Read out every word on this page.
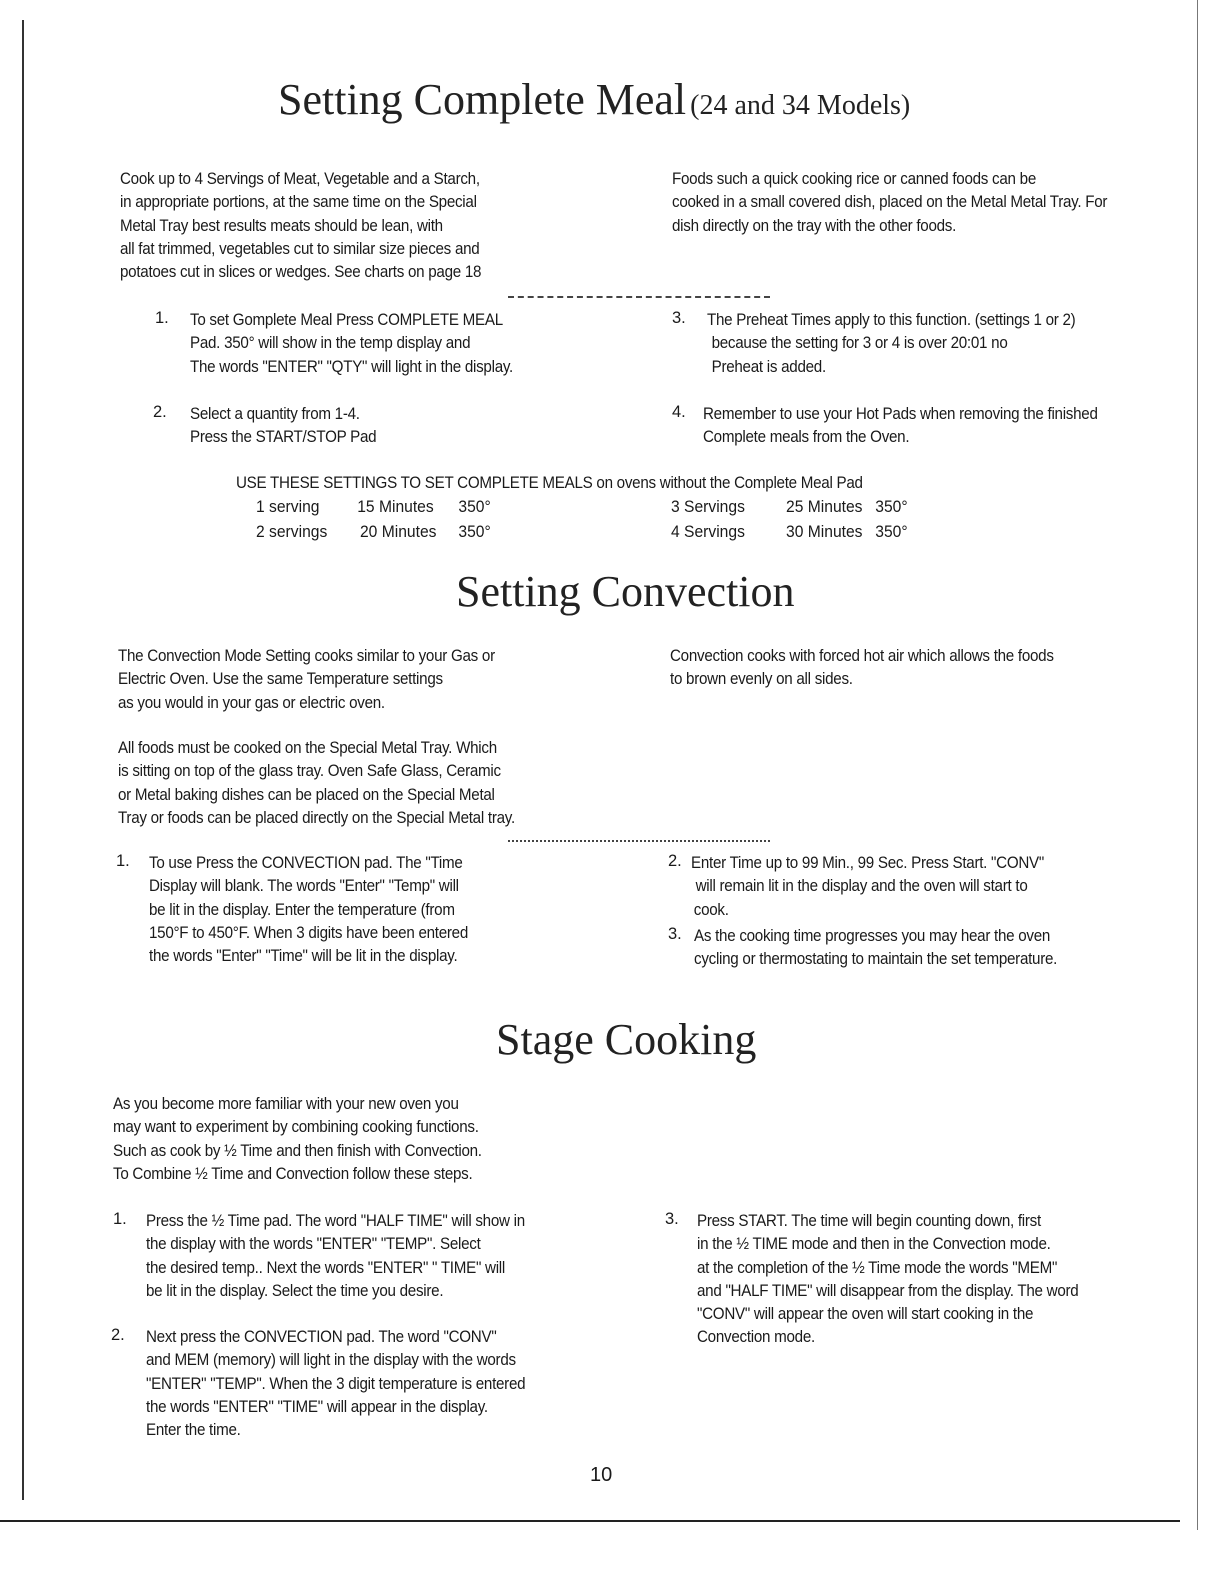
Setting Complete Meal (24 and 34 Models)
Cook up to 4 Servings of Meat, Vegetable and a Starch,
in appropriate portions, at the same time on the Special
Metal Tray best results meats should be lean, with
all fat trimmed, vegetables cut to similar size pieces and
potatoes cut in slices or wedges. See charts on page 18
Foods such a quick cooking rice or canned foods can be
cooked in a small covered dish, placed on the Metal Metal Tray. For
dish directly on the tray with the other foods.
1. To set Gomplete Meal Press COMPLETE MEAL
Pad. 350° will show in the temp display and
The words "ENTER" "QTY" will light in the display.
2. Select a quantity from 1-4.
Press the START/STOP Pad
3. The Preheat Times apply to this function. (settings 1 or 2)
because the setting for 3 or 4 is over 20:01 no
Preheat is added.
4. Remember to use your Hot Pads when removing the finished
Complete meals from the Oven.
USE THESE SETTINGS TO SET COMPLETE MEALS on ovens without the Complete Meal Pad
1 serving 15 Minutes 350°
2 servings 20 Minutes 350°
3 Servings 25 Minutes 350°
4 Servings 30 Minutes 350°
Setting Convection
The Convection Mode Setting cooks similar to your Gas or
Electric Oven. Use the same Temperature settings
as you would in your gas or electric oven.
Convection cooks with forced hot air which allows the foods
to brown evenly on all sides.
All foods must be cooked on the Special Metal Tray. Which
is sitting on top of the glass tray. Oven Safe Glass, Ceramic
or Metal baking dishes can be placed on the Special Metal
Tray or foods can be placed directly on the Special Metal tray.
1. To use Press the CONVECTION pad. The "Time
Display will blank. The words "Enter" "Temp" will
be lit in the display. Enter the temperature (from
150°F to 450°F. When 3 digits have been entered
the words "Enter" "Time" will be lit in the display.
2. Enter Time up to 99 Min., 99 Sec. Press Start. "CONV"
will remain lit in the display and the oven will start to
cook.
3. As the cooking time progresses you may hear the oven
cycling or thermostating to maintain the set temperature.
Stage Cooking
As you become more familiar with your new oven you
may want to experiment by combining cooking functions.
Such as cook by ½ Time and then finish with Convection.
To Combine ½ Time and Convection follow these steps.
1. Press the ½ Time pad. The word "HALF TIME" will show in
the display with the words "ENTER" "TEMP". Select
the desired temp.. Next the words "ENTER" " TIME" will
be lit in the display. Select the time you desire.
2. Next press the CONVECTION pad. The word "CONV"
and MEM (memory) will light in the display with the words
"ENTER" "TEMP". When the 3 digit temperature is entered
the words "ENTER" "TIME" will appear in the display.
Enter the time.
3. Press START. The time will begin counting down, first
in the ½ TIME mode and then in the Convection mode.
at the completion of the ½ Time mode the words "MEM"
and "HALF TIME" will disappear from the display. The word
"CONV" will appear the oven will start cooking in the
Convection mode.
10
